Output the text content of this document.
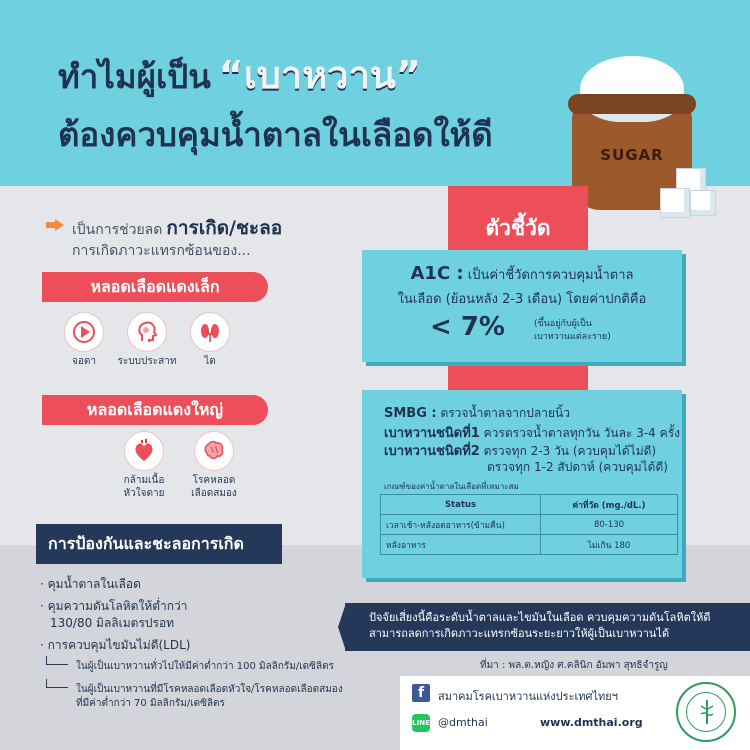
ทำไมผู้เป็น “เบาหวาน”
ต้องควบคุมน้ำตาลในเลือดให้ดี
SUGAR
เป็นการช่วยลด การเกิด/ชะลอ
การเกิดภาวะแทรกซ้อนของ...
หลอดเลือดแดงเล็ก
จอตา	ระบบประสาท	ไต
หลอดเลือดแดงใหญ่
กล้ามเนื้อ
หัวใจตาย
โรคหลอด
เลือดสมอง
การป้องกันและชะลอการเกิด
· คุมน้ำตาลในเลือด
· คุมความดันโลหิตให้ต่ำกว่า
130/80 มิลลิเมตรปรอท
· การควบคุมไขมันไม่ดี(LDL)
ในผู้เป็นเบาหวานทั่วไปให้มีค่าต่ำกว่า 100 มิลลิกรัม/เดซิลิตร
ในผู้เป็นเบาหวานที่มีโรคหลอดเลือดหัวใจ/โรคหลอดเลือดสมอง
ที่มีค่าต่ำกว่า 70 มิลลิกรัม/เดซิลิตร
ตัวชี้วัด
A1C : เป็นค่าชี้วัดการควบคุมน้ำตาล
ในเลือด (ย้อนหลัง 2-3 เดือน) โดยค่าปกติคือ
< 7%	(ขึ้นอยู่กับผู้เป็น
เบาหวานแต่ละราย)
SMBG : ตรวจน้ำตาลจากปลายนิ้ว
เบาหวานชนิดที่1 ควรตรวจน้ำตาลทุกวัน วันละ 3-4 ครั้ง
เบาหวานชนิดที่2 ตรวจทุก 2-3 วัน (ควบคุมได้ไม่ดี)
ตรวจทุก 1-2 สัปดาห์ (ควบคุมได้ดี)
เกณฑ์ของค่าน้ำตาลในเลือดที่เหมาะสม
Status	ค่าที่วัด (mg./dL.)
เวลาเช้า-หลังอดอาหาร(ข้ามคืน)	80-130
หลังอาหาร	ไม่เกิน 180
ปัจจัยเสี่ยงนี้คือระดับน้ำตาลและไขมันในเลือด ควบคุมความดันโลหิตให้ดี
สามารถลดการเกิดภาวะแทรกซ้อนระยะยาวให้ผู้เป็นเบาหวานได้
ที่มา : พล.ต.หญิง ศ.คลินิก อัมพา สุทธิจำรูญ
f	สมาคมโรคเบาหวานแห่งประเทศไทยฯ
LINE @dmthai	www.dmthai.org
